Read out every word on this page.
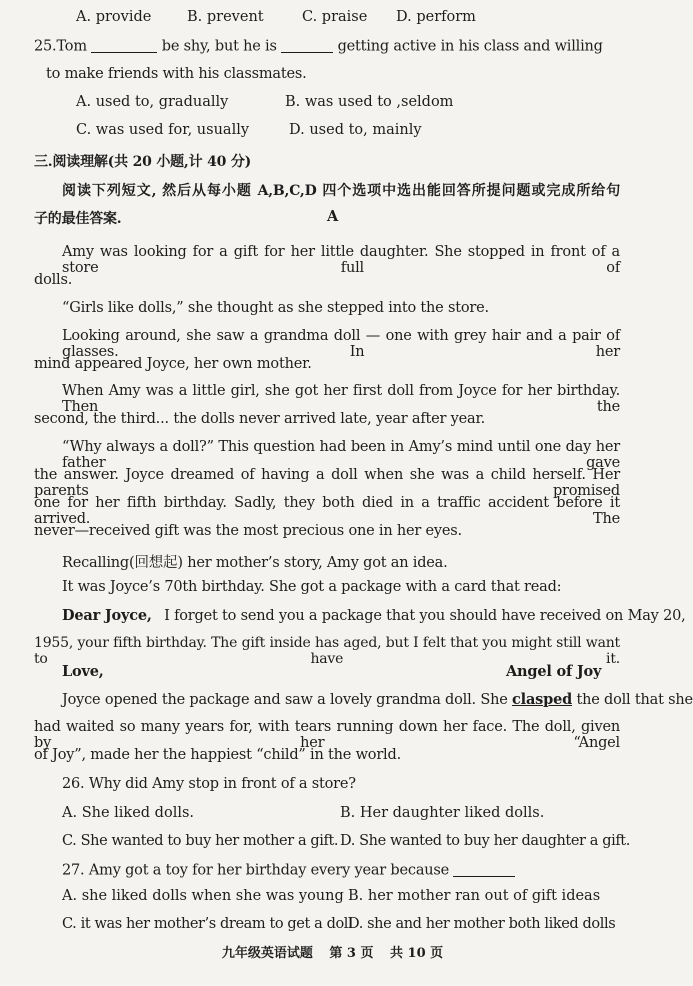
A. provide B. prevent	C. praise D. perform
25.Tom	be shy, but he is	getting active in his class and willing
to make friends with his classmates.
A. used to, gradually	B. was used to ,seldom
C. was used for, usually	D. used to, mainly
三.阅读理解(共 20 小题,计 40 分)
阅读下列短文, 然后从每小题 A,B,C,D 四个选项中选出能回答所提问题或完成所给句
子的最佳答案.	A
Amy was looking for a gift for her little daughter. She stopped in front of a store full of
dolls.
“Girls like dolls,” she thought as she stepped into the store.
Looking around, she saw a grandma doll — one with grey hair and a pair of glasses. In her
mind appeared Joyce, her own mother.
When Amy was a little girl, she got her first doll from Joyce for her birthday. Then the
second, the third... the dolls never arrived late, year after year.
“Why always a doll?” This question had been in Amy’s mind until one day her father gave
the answer. Joyce dreamed of having a doll when she was a child herself. Her parents promised
one for her fifth birthday. Sadly, they both died in a traffic accident before it arrived. The
never—received gift was the most precious one in her eyes.
Recalling(回想起) her mother’s story, Amy got an idea.
It was Joyce’s 70th birthday. She got a package with a card that read:
Dear Joyce, I forget to send you a package that you should have received on May 20,
1955, your fifth birthday. The gift inside has aged, but I felt that you might still want to have it.
Love,	Angel of Joy
Joyce opened the package and saw a lovely grandma doll. She clasped the doll that she
had waited so many years for, with tears running down her face. The doll, given by her “Angel
of Joy”, made her the happiest “child” in the world.
26. Why did Amy stop in front of a store?
A. She liked dolls.	B. Her daughter liked dolls.
C. She wanted to buy her mother a gift. D. She wanted to buy her daughter a gift.
27. Amy got a toy for her birthday every year because
A. she liked dolls when she was young B. her mother ran out of gift ideas
C. it was her mother’s dream to get a doll
D. she and her mother both liked dolls
九年级英语试题 第 3 页 共 10 页
